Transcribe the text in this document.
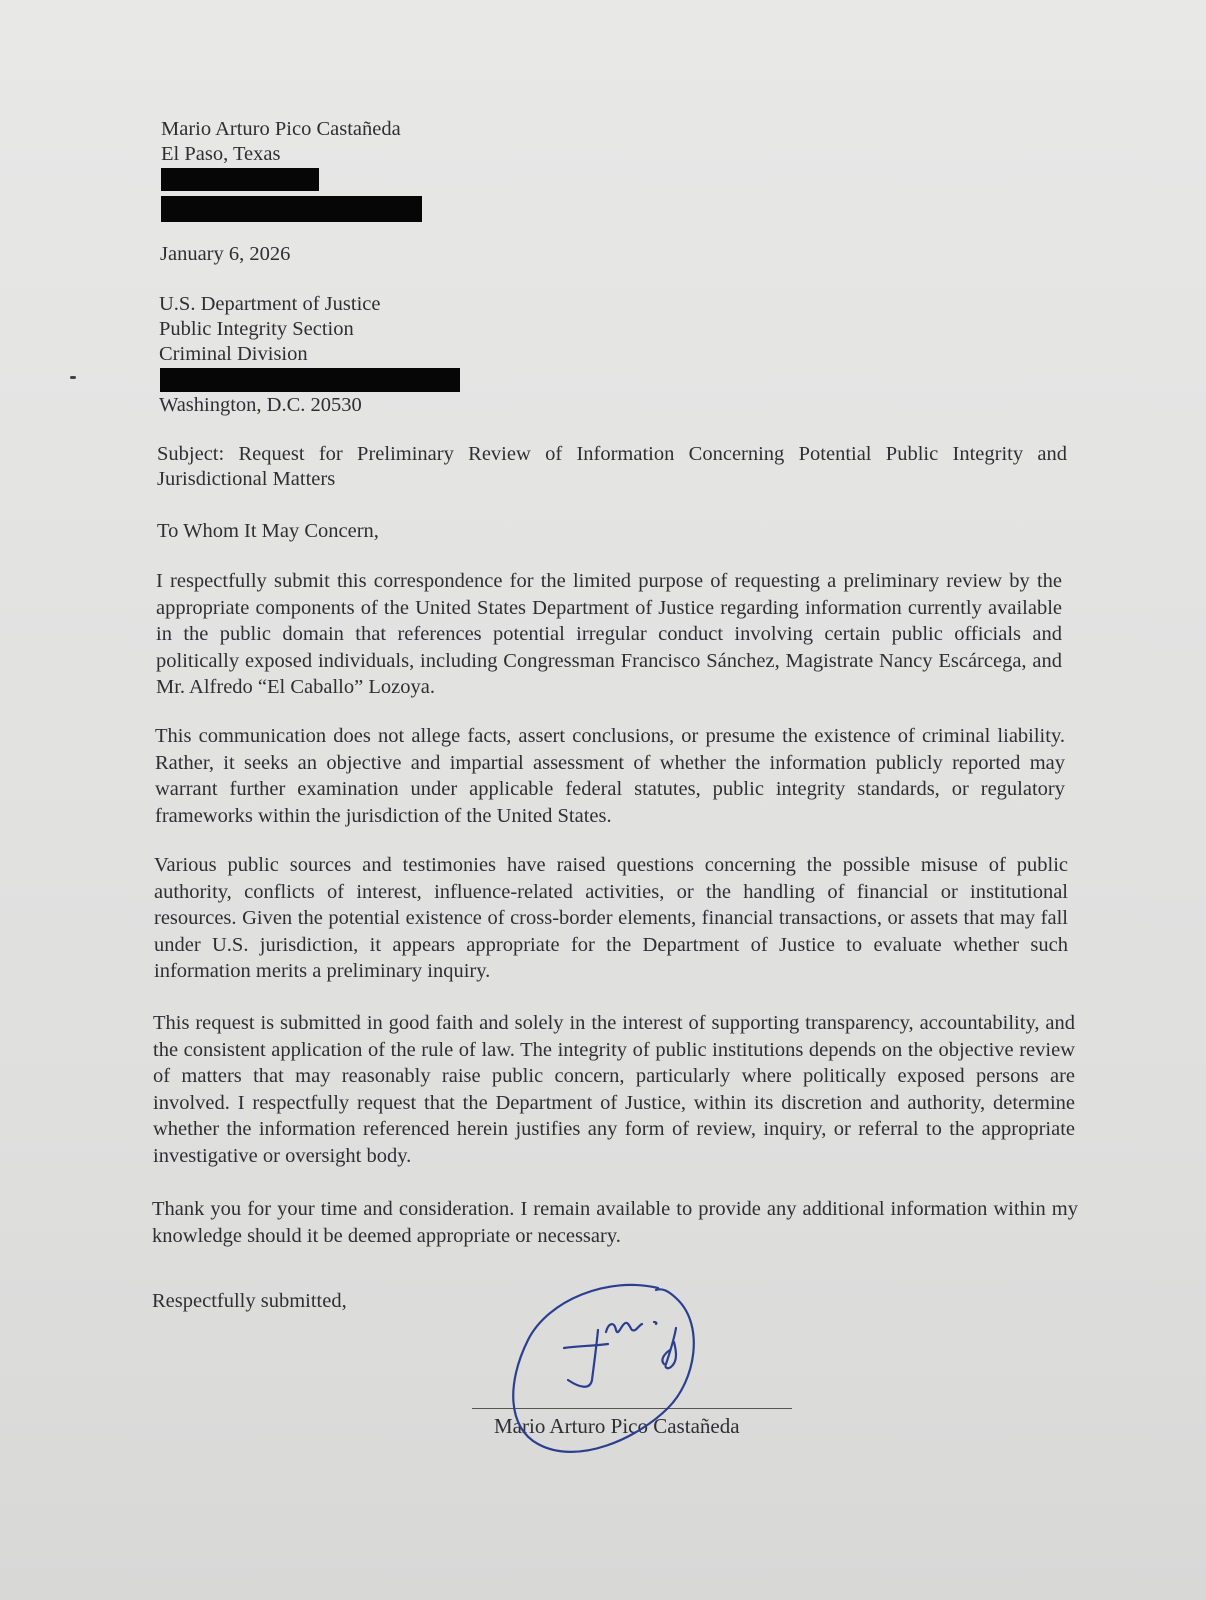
Mario Arturo Pico Castañeda
El Paso, Texas
January 6, 2026
U.S. Department of Justice
Public Integrity Section
Criminal Division
Washington, D.C. 20530
Subject: Request for Preliminary Review of Information Concerning Potential Public Integrity and Jurisdictional Matters
To Whom It May Concern,
I respectfully submit this correspondence for the limited purpose of requesting a preliminary review by the appropriate components of the United States Department of Justice regarding information currently available in the public domain that references potential irregular conduct involving certain public officials and politically exposed individuals, including Congressman Francisco Sánchez, Magistrate Nancy Escárcega, and Mr. Alfredo “El Caballo” Lozoya.
This communication does not allege facts, assert conclusions, or presume the existence of criminal liability. Rather, it seeks an objective and impartial assessment of whether the information publicly reported may warrant further examination under applicable federal statutes, public integrity standards, or regulatory frameworks within the jurisdiction of the United States.
Various public sources and testimonies have raised questions concerning the possible misuse of public authority, conflicts of interest, influence-related activities, or the handling of financial or institutional resources. Given the potential existence of cross-border elements, financial transactions, or assets that may fall under U.S. jurisdiction, it appears appropriate for the Department of Justice to evaluate whether such information merits a preliminary inquiry.
This request is submitted in good faith and solely in the interest of supporting transparency, accountability, and the consistent application of the rule of law. The integrity of public institutions depends on the objective review of matters that may reasonably raise public concern, particularly where politically exposed persons are involved. I respectfully request that the Department of Justice, within its discretion and authority, determine whether the information referenced herein justifies any form of review, inquiry, or referral to the appropriate investigative or oversight body.
Thank you for your time and consideration. I remain available to provide any additional information within my knowledge should it be deemed appropriate or necessary.
Respectfully submitted,
Mario Arturo Pico Castañeda
